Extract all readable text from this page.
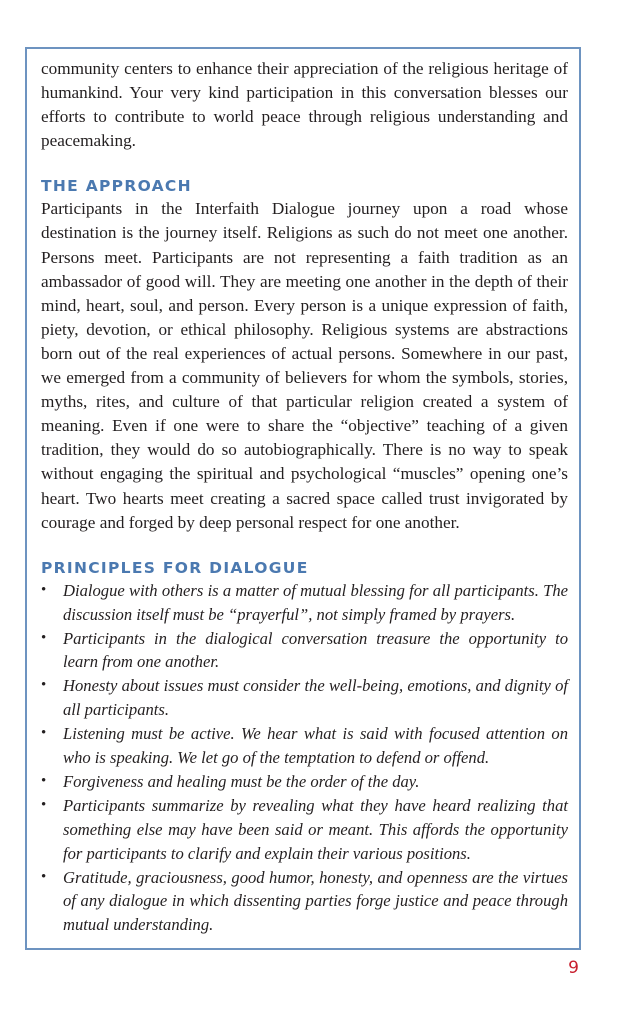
community centers to enhance their appreciation of the religious heritage of humankind. Your very kind participation in this conversation blesses our efforts to contribute to world peace through religious understanding and peacemaking.

THE APPROACH

Participants in the Interfaith Dialogue journey upon a road whose destination is the journey itself. Religions as such do not meet one another. Persons meet. Participants are not representing a faith tradition as an ambassador of good will. They are meeting one another in the depth of their mind, heart, soul, and person. Every person is a unique expression of faith, piety, devotion, or ethical philosophy. Religious systems are abstractions born out of the real experiences of actual persons. Somewhere in our past, we emerged from a community of believers for whom the symbols, stories, myths, rites, and culture of that particular religion created a system of meaning. Even if one were to share the “objective” teaching of a given tradition, they would do so autobiographically. There is no way to speak without engaging the spiritual and psychological “muscles” opening one’s heart. Two hearts meet creating a sacred space called trust invigorated by courage and forged by deep personal respect for one another.

PRINCIPLES FOR DIALOGUE
• Dialogue with others is a matter of mutual blessing for all participants. The discussion itself must be “prayerful”, not simply framed by prayers.
• Participants in the dialogical conversation treasure the opportunity to learn from one another.
• Honesty about issues must consider the well-being, emotions, and dignity of all participants.
• Listening must be active. We hear what is said with focused attention on who is speaking. We let go of the temptation to defend or offend.
• Forgiveness and healing must be the order of the day.
• Participants summarize by revealing what they have heard realizing that something else may have been said or meant. This affords the opportunity for participants to clarify and explain their various positions.
• Gratitude, graciousness, good humor, honesty, and openness are the virtues of any dialogue in which dissenting parties forge justice and peace through mutual understanding.
9
